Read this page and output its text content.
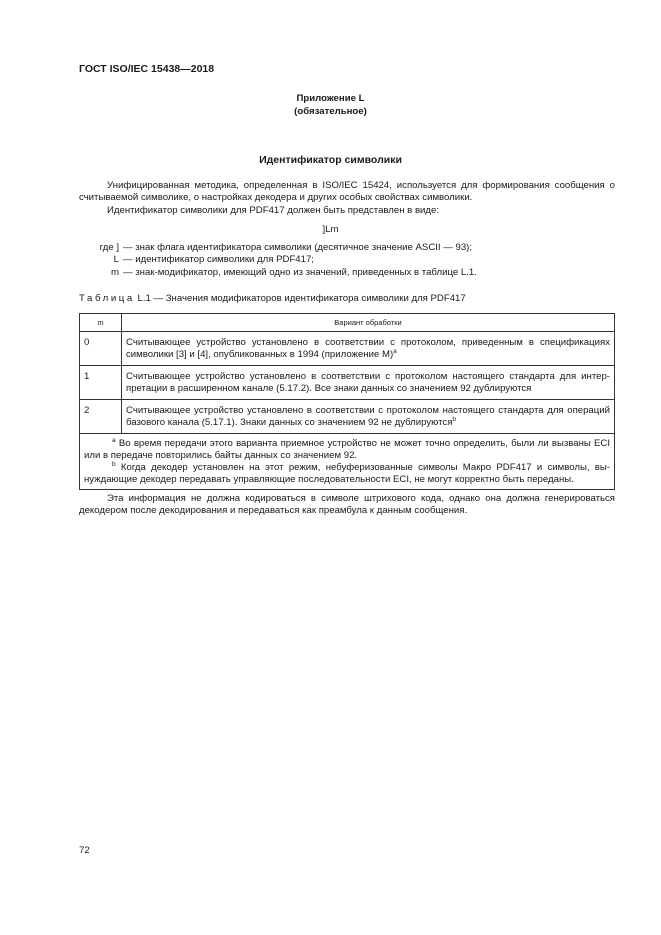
ГОСТ ISO/IEC 15438—2018
Приложение L
(обязательное)
Идентификатор символики
Унифицированная методика, определенная в ISO/IEC 15424, используется для формирования сообщения о считываемой символике, о настройках декодера и других особых свойствах символики.
Идентификатор символики для PDF417 должен быть представлен в виде:
]Lm
где ] —
знак флага идентификатора символики (десятичное значение ASCII — 93);
L —
идентификатор символики для PDF417;
m —
знак-модификатор, имеющий одно из значений, приведенных в таблице L.1.
Таблица L.1 — Значения модификаторов идентификатора символики для PDF417
m	Вариант обработки
0	Считывающее устройство установлено в соответствии с протоколом, приведенным в спецификациях символики [3] и [4], опубликованных в 1994 (приложение М)$^a$
1	Считывающее устройство установлено в соответствии с протоколом настоящего стандарта для интерпретации в расширенном канале (5.17.2). Все знаки данных со значением 92 дублируются
2	Считывающее устройство установлено в соответствии с протоколом настоящего стандарта для операций базового канала (5.17.1). Знаки данных со значением 92 не дублируются$^b$

$^a$ Во время передачи этого варианта приемное устройство не может точно определить, были ли вызваны ECI или в передаче повторились байты данных со значением 92.
$^b$ Когда декодер установлен на этот режим, небуферизованные символы Макро PDF417 и символы, вынуждающие декодер передавать управляющие последовательности ECI, не могут корректно быть переданы.	
Эта информация не должна кодироваться в символе штрихового кода, однако она должна генерироваться декодером после декодирования и передаваться как преамбула к данным сообщения.
72
